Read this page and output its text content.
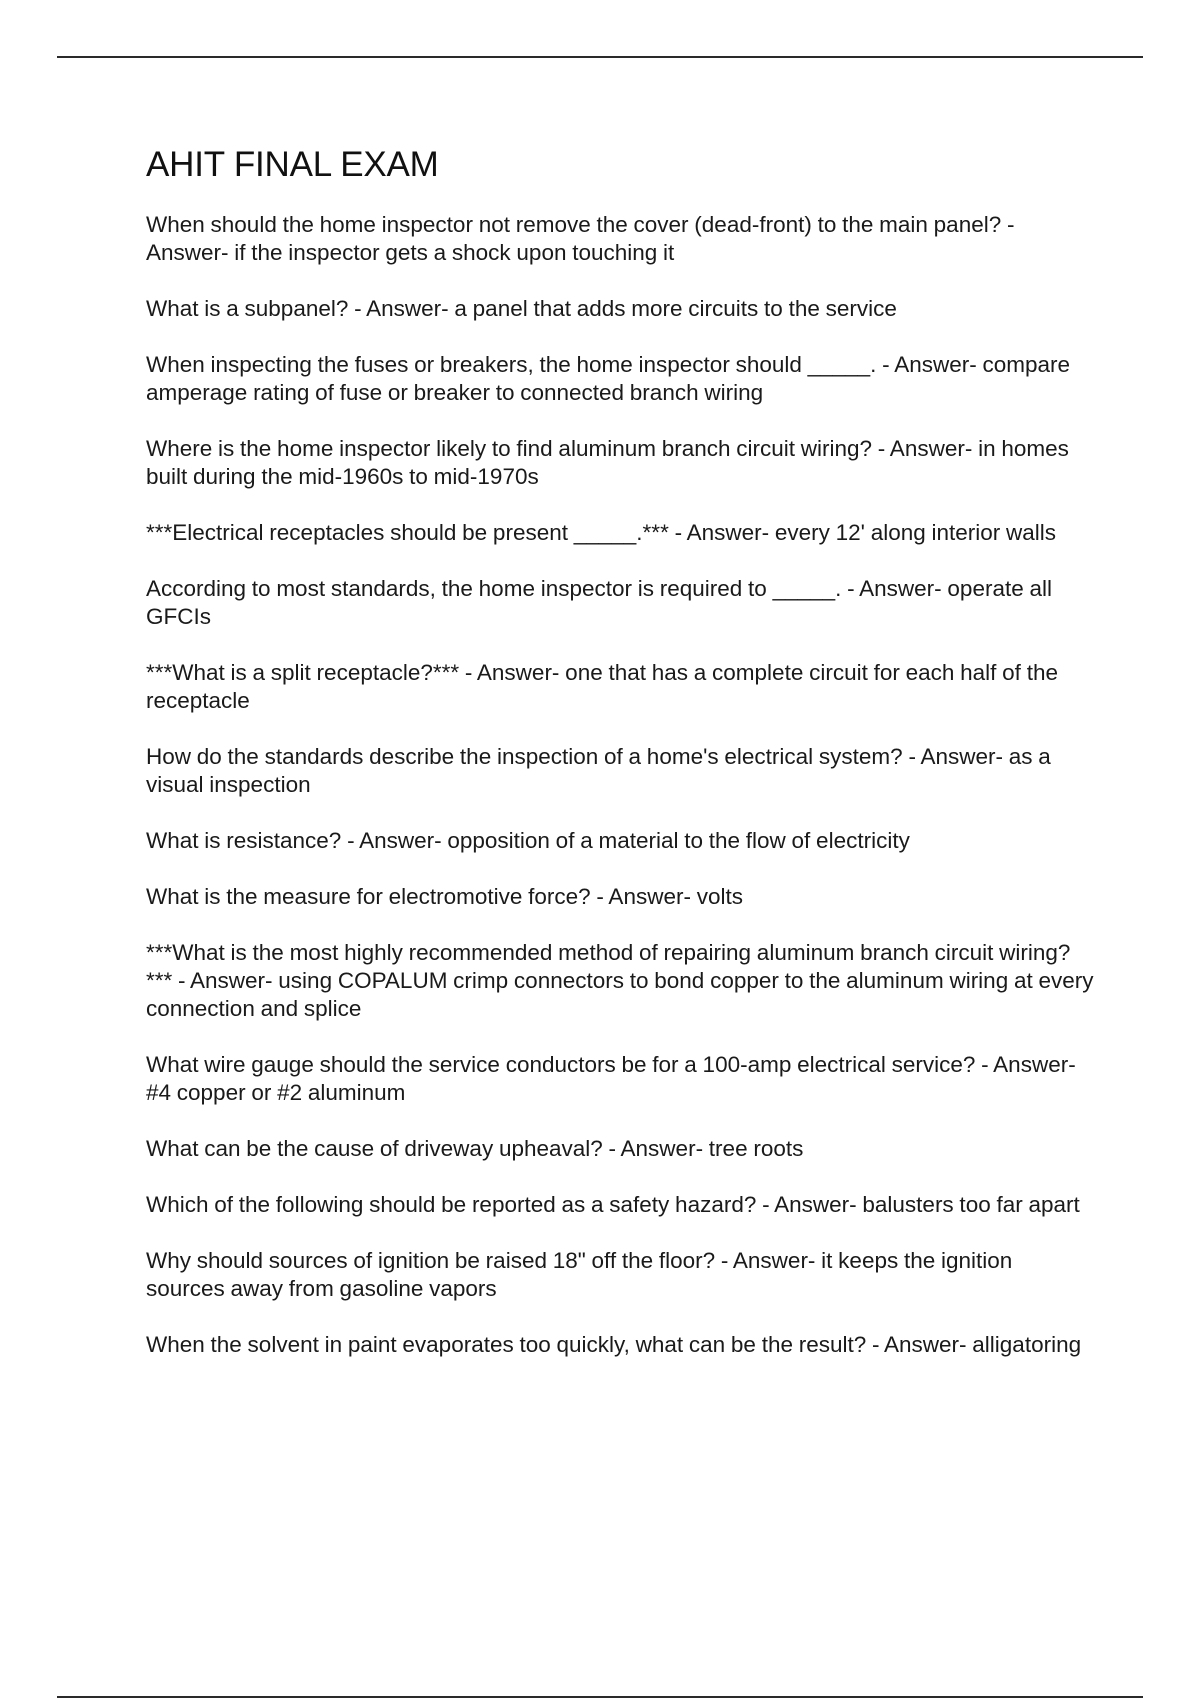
AHIT FINAL EXAM
When should the home inspector not remove the cover (dead-front) to the main panel? - Answer- if the inspector gets a shock upon touching it
What is a subpanel? - Answer- a panel that adds more circuits to the service
When inspecting the fuses or breakers, the home inspector should _____. - Answer- compare amperage rating of fuse or breaker to connected branch wiring
Where is the home inspector likely to find aluminum branch circuit wiring? - Answer- in homes built during the mid-1960s to mid-1970s
***Electrical receptacles should be present _____.*** - Answer- every 12' along interior walls
According to most standards, the home inspector is required to _____. - Answer- operate all GFCIs
***What is a split receptacle?*** - Answer- one that has a complete circuit for each half of the receptacle
How do the standards describe the inspection of a home's electrical system? - Answer- as a visual inspection
What is resistance? - Answer- opposition of a material to the flow of electricity
What is the measure for electromotive force? - Answer- volts
***What is the most highly recommended method of repairing aluminum branch circuit wiring?*** - Answer- using COPALUM crimp connectors to bond copper to the aluminum wiring at every connection and splice
What wire gauge should the service conductors be for a 100-amp electrical service? - Answer- #4 copper or #2 aluminum
What can be the cause of driveway upheaval? - Answer- tree roots
Which of the following should be reported as a safety hazard? - Answer- balusters too far apart
Why should sources of ignition be raised 18" off the floor? - Answer- it keeps the ignition sources away from gasoline vapors
When the solvent in paint evaporates too quickly, what can be the result? - Answer- alligatoring
